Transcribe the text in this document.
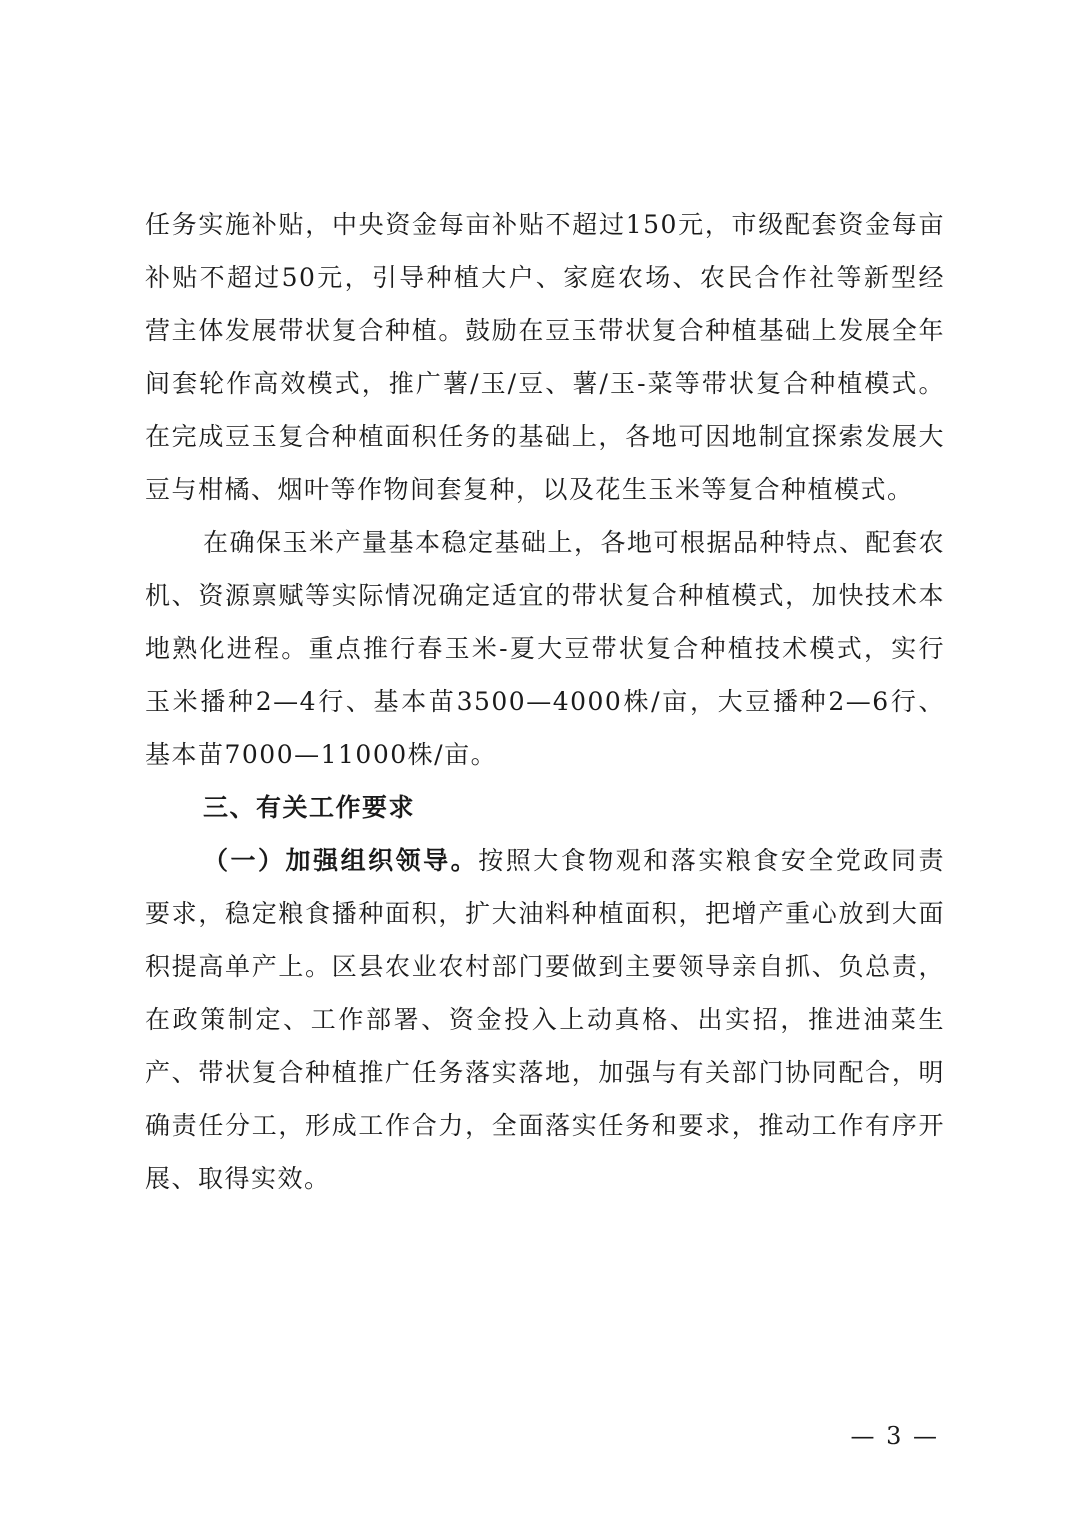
任务实施补贴，中央资金每亩补贴不超过150元，市级配套资金每亩补贴不超过50元，引导种植大户、家庭农场、农民合作社等新型经营主体发展带状复合种植。鼓励在豆玉带状复合种植基础上发展全年间套轮作高效模式，推广薯/玉/豆、薯/玉-菜等带状复合种植模式。在完成豆玉复合种植面积任务的基础上，各地可因地制宜探索发展大豆与柑橘、烟叶等作物间套复种，以及花生玉米等复合种植模式。

在确保玉米产量基本稳定基础上，各地可根据品种特点、配套农机、资源禀赋等实际情况确定适宜的带状复合种植模式，加快技术本地熟化进程。重点推行春玉米-夏大豆带状复合种植技术模式，实行玉米播种2—4行、基本苗3500—4000株/亩，大豆播种2—6行、基本苗7000—11000株/亩。

三、有关工作要求

（一）加强组织领导。按照大食物观和落实粮食安全党政同责要求，稳定粮食播种面积，扩大油料种植面积，把增产重心放到大面积提高单产上。区县农业农村部门要做到主要领导亲自抓、负总责，在政策制定、工作部署、资金投入上动真格、出实招，推进油菜生产、带状复合种植推广任务落实落地，加强与有关部门协同配合，明确责任分工，形成工作合力，全面落实任务和要求，推动工作有序开展、取得实效。

— 3 —
